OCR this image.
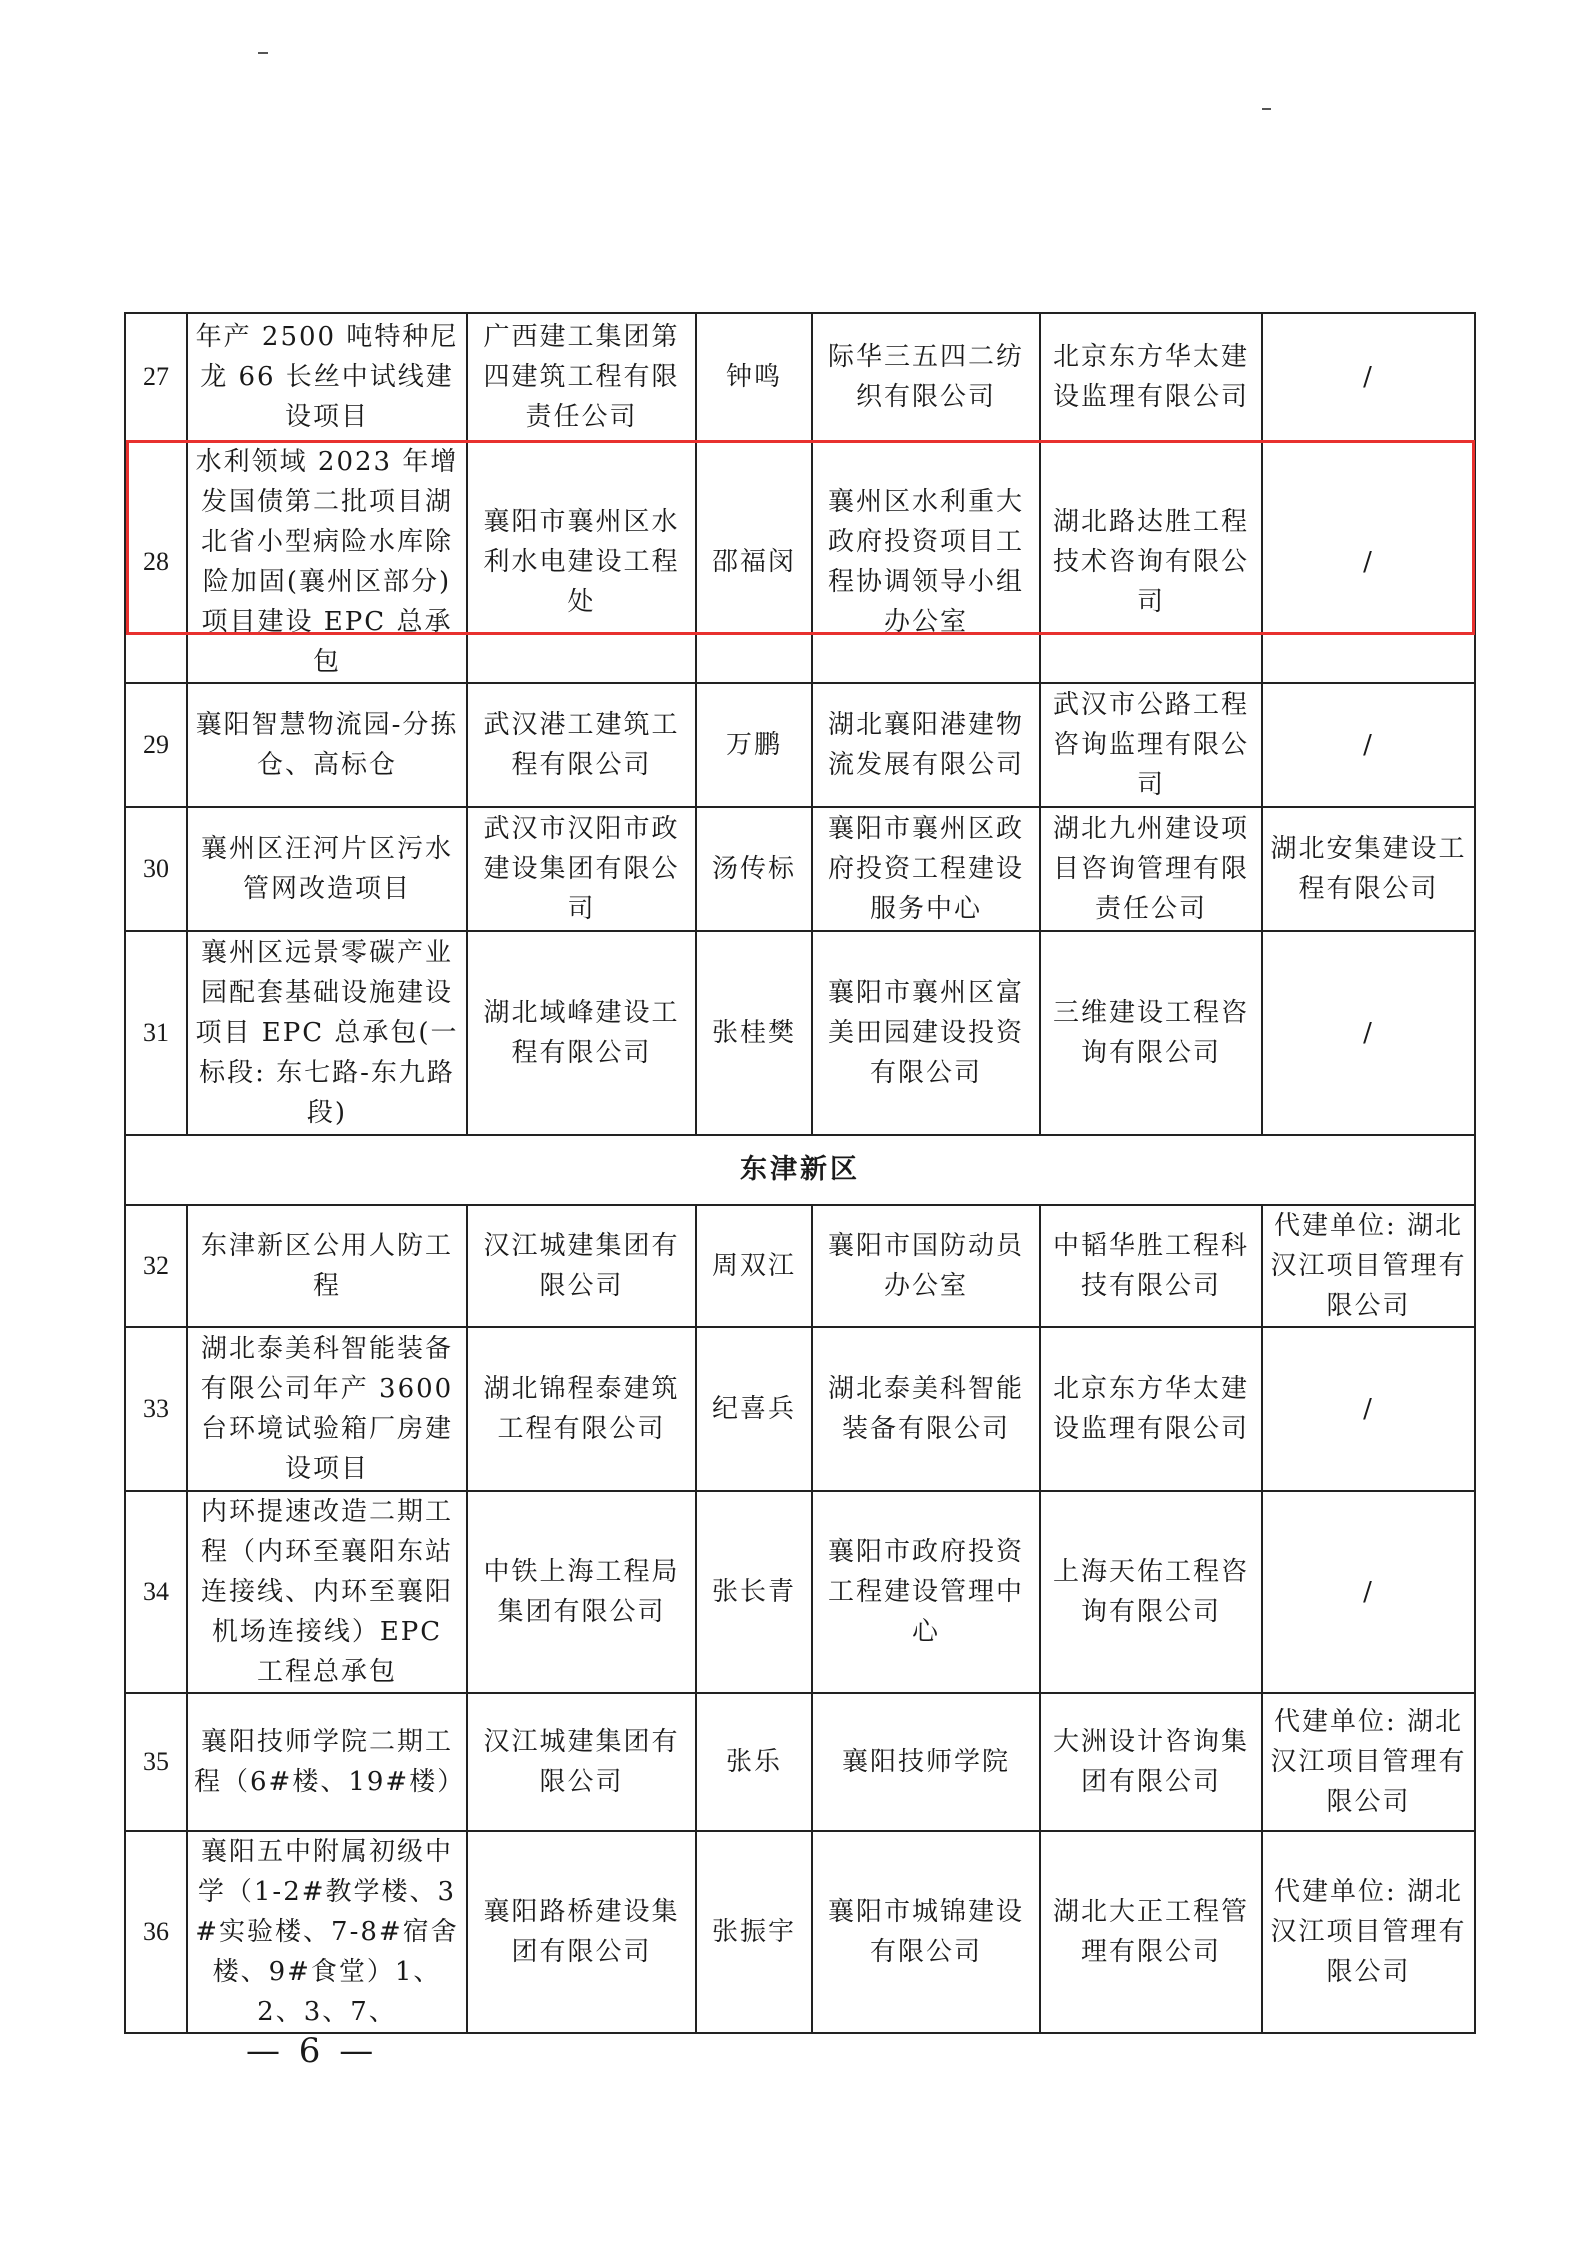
27	年产 2500 吨特种尼龙 66 长丝中试线建设项目	广西建工集团第四建筑工程有限责任公司	钟鸣	际华三五四二纺织有限公司	北京东方华太建设监理有限公司	/
28	水利领域 2023 年增发国债第二批项目湖北省小型病险水库除险加固(襄州区部分)项目建设 EPC 总承包	襄阳市襄州区水利水电建设工程处	邵福闵	襄州区水利重大政府投资项目工程协调领导小组办公室	湖北路达胜工程技术咨询有限公司	/
29	襄阳智慧物流园-分拣仓、高标仓	武汉港工建筑工程有限公司	万鹏	湖北襄阳港建物流发展有限公司	武汉市公路工程咨询监理有限公司	/
30	襄州区汪河片区污水管网改造项目	武汉市汉阳市政建设集团有限公司	汤传标	襄阳市襄州区政府投资工程建设服务中心	湖北九州建设项目咨询管理有限责任公司	湖北安集建设工程有限公司
31	襄州区远景零碳产业园配套基础设施建设项目 EPC 总承包(一标段: 东七路-东九路段)	湖北域峰建设工程有限公司	张桂樊	襄阳市襄州区富美田园建设投资有限公司	三维建设工程咨询有限公司	/
东津新区						
32	东津新区公用人防工程	汉江城建集团有限公司	周双江	襄阳市国防动员办公室	中韬华胜工程科技有限公司	代建单位: 湖北汉江项目管理有限公司
33	湖北泰美科智能装备有限公司年产 3600 台环境试验箱厂房建设项目	湖北锦程泰建筑工程有限公司	纪喜兵	湖北泰美科智能装备有限公司	北京东方华太建设监理有限公司	/
34	内环提速改造二期工程（内环至襄阳东站连接线、内环至襄阳机场连接线）EPC 工程总承包	中铁上海工程局集团有限公司	张长青	襄阳市政府投资工程建设管理中心	上海天佑工程咨询有限公司	/
35	襄阳技师学院二期工程（6#楼、19#楼）	汉江城建集团有限公司	张乐	襄阳技师学院	大洲设计咨询集团有限公司	代建单位: 湖北汉江项目管理有限公司
36	襄阳五中附属初级中学（1-2#教学楼、3#实验楼、7-8#宿舍楼、9#食堂）1、2、3、7、	襄阳路桥建设集团有限公司	张振宇	襄阳市城锦建设有限公司	湖北大正工程管理有限公司	代建单位: 湖北汉江项目管理有限公司
— 6 —
